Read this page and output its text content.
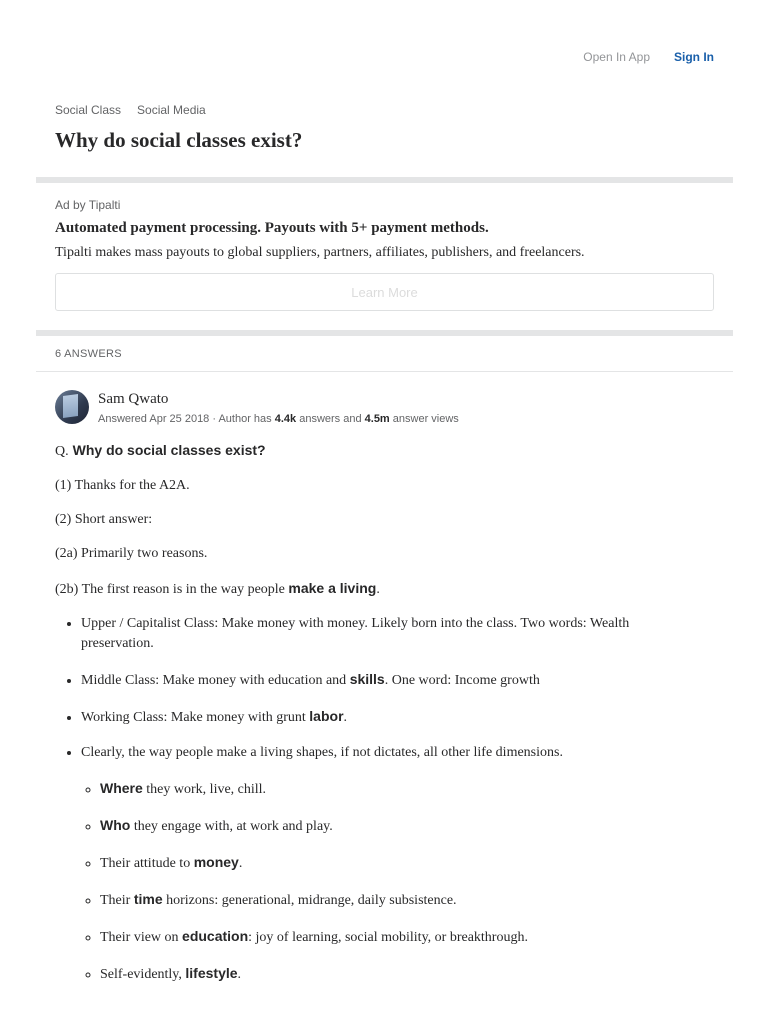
Open In App Sign In
Social Class Social Media
Why do social classes exist?
Ad by Tipalti
Automated payment processing. Payouts with 5+ payment methods.
Tipalti makes mass payouts to global suppliers, partners, affiliates, publishers, and freelancers.
Learn More
6 ANSWERS
Sam Qwato
Answered Apr 25 2018 · Author has 4.4k answers and 4.5m answer views

Q. Why do social classes exist?

(1) Thanks for the A2A.

(2) Short answer:

(2a) Primarily two reasons.

(2b) The first reason is in the way people make a living.

• Upper / Capitalist Class: Make money with money. Likely born into the class. Two words: Wealth preservation.
• Middle Class: Make money with education and skills. One word: Income growth
• Working Class: Make money with grunt labor.
• Clearly, the way people make a living shapes, if not dictates, all other life dimensions.
◦ Where they work, live, chill.
◦ Who they engage with, at work and play.
◦ Their attitude to money.
◦ Their time horizons: generational, midrange, daily subsistence.
◦ Their view on education: joy of learning, social mobility, or breakthrough.
◦ Self-evidently, lifestyle.
